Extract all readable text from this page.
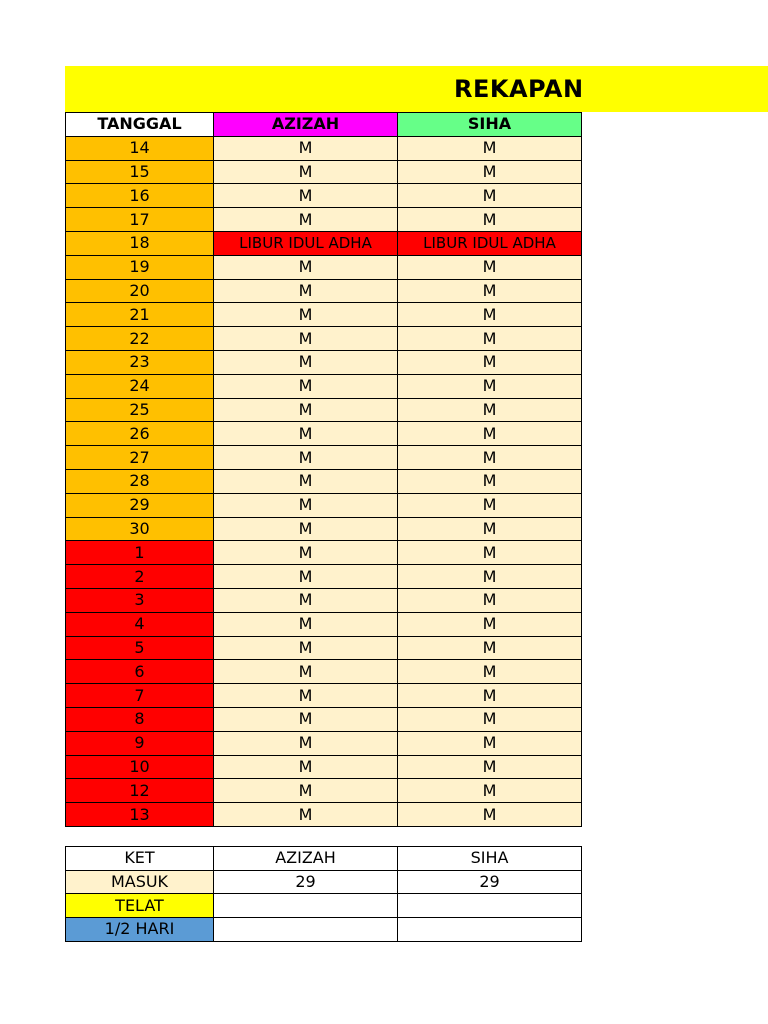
REKAPAN
TANGGAL	AZIZAH	SIHA
14	M	M
15	M	M
16	M	M
17	M	M
18	LIBUR IDUL ADHA	LIBUR IDUL ADHA
19	M	M
20	M	M
21	M	M
22	M	M
23	M	M
24	M	M
25	M	M
26	M	M
27	M	M
28	M	M
29	M	M
30	M	M
1	M	M
2	M	M
3	M	M
4	M	M
5	M	M
6	M	M
7	M	M
8	M	M
9	M	M
10	M	M
12	M	M
13	M	M
KET	AZIZAH	SIHA
MASUK	29	29
TELAT		
1/2 HARI		
